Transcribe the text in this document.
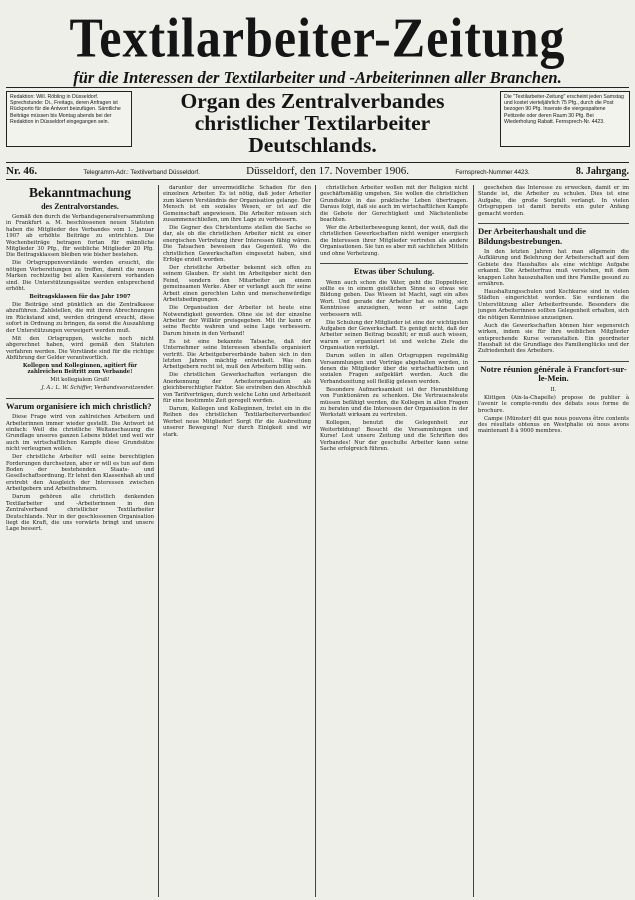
Textilarbeiter-Zeitung
für die Interessen der Textilarbeiter und -Arbeiterinnen aller Branchen.
Redaktion: Will. Röbling in Düsseldorf. Sprechstunde: Di., Freitags, deren Anfragen ist Rückporto für die Antwort beizufügen. Sämtliche Beiträge müssen bis Montag abends bei der Redaktion in Düsseldorf eingegangen sein.
Organ des Zentralverbandes
christlicher Textilarbeiter Deutschlands.
Die "Textilarbeiter-Zeitung" erscheint jeden Samstag und kostet vierteljährlich 75 Pfg., durch die Post bezogen 90 Pfg. Inserate die viergespaltene Petitzeile oder deren Raum 30 Pfg. Bei Wiederholung Rabatt. Fernsprech-Nr. 4423.
Nr. 46.	Telegramm-Adr.: Textilverband Düsseldorf.	Düsseldorf, den 17. November 1906.	Fernsprech-Nummer 4423.	8. Jahrgang.
Bekanntmachung
des Zentralvorstandes.

Gemäß den durch die Verbandsgeneralversammlung in Frankfurt a. M. beschlossenen neuen Statuten haben die Mitglieder des Verbandes vom 1. Januar 1907 ab erhöhte Beiträge zu entrichten. Die Wochenbeiträge betragen fortan für männliche Mitglieder 30 Pfg., für weibliche Mitglieder 20 Pfg. Die Beitragsklassen bleiben wie bisher bestehen.

Die Ortsgruppenvorstände werden ersucht, die nötigen Vorbereitungen zu treffen, damit die neuen Marken rechtzeitig bei allen Kassierern vorhanden sind. Die Unterstützungssätze werden entsprechend erhöht.

Beitragsklassen für das Jahr 1907

Die Beiträge sind pünktlich an die Zentralkasse abzuführen. Zahlstellen, die mit ihren Abrechnungen im Rückstand sind, werden dringend ersucht, diese sofort in Ordnung zu bringen, da sonst die Auszahlung der Unterstützungen verweigert werden muß.

Mit den Ortsgruppen, welche noch nicht abgerechnet haben, wird gemäß den Statuten verfahren werden. Die Vorstände sind für die richtige Abführung der Gelder verantwortlich.

Kollegen und Kolleginnen, agitiert für zahlreichen Beitritt zum Verbande!

Mit kollegialem Gruß!

J. A.: L. W. Schiffer, Verbandsvorsitzender.

Warum organisiere ich mich christlich?

Diese Frage wird von zahlreichen Arbeitern und Arbeiterinnen immer wieder gestellt. Die Antwort ist einfach: Weil die christliche Weltanschauung die Grundlage unseres ganzen Lebens bildet und weil wir auch im wirtschaftlichen Kampfe diese Grundsätze nicht verleugnen wollen.

Der christliche Arbeiter will seine berechtigten Forderungen durchsetzen, aber er will es tun auf dem Boden der bestehenden Staats- und Gesellschaftsordnung. Er lehnt den Klassenhaß ab und erstrebt den Ausgleich der Interessen zwischen Arbeitgebern und Arbeitnehmern.

Darum gehören alle christlich denkenden Textilarbeiter und -Arbeiterinnen in den Zentralverband christlicher Textilarbeiter Deutschlands. Nur in der geschlossenen Organisation liegt die Kraft, die uns vorwärts bringt und unsere Lage bessert.

darunter der unvermeidliche Schaden für den einzelnen Arbeiter. Es ist nötig, daß jeder Arbeiter zum klaren Verständnis der Organisation gelange. Der Mensch ist ein soziales Wesen, er ist auf die Gemeinschaft angewiesen. Die Arbeiter müssen sich zusammenschließen, um ihre Lage zu verbessern.

Die Gegner des Christentums stellen die Sache so dar, als ob die christlichen Arbeiter nicht zu einer energischen Vertretung ihrer Interessen fähig wären. Die Tatsachen beweisen das Gegenteil. Wo die christlichen Gewerkschaften eingesetzt haben, sind Erfolge erzielt worden.

Der christliche Arbeiter bekennt sich offen zu seinem Glauben. Er sieht im Arbeitgeber nicht den Feind, sondern den Mitarbeiter an einem gemeinsamen Werke. Aber er verlangt auch für seine Arbeit einen gerechten Lohn und menschenwürdige Arbeitsbedingungen.

Die Organisation der Arbeiter ist heute eine Notwendigkeit geworden. Ohne sie ist der einzelne Arbeiter der Willkür preisgegeben. Mit ihr kann er seine Rechte wahren und seine Lage verbessern. Darum hinein in den Verband!

Es ist eine bekannte Tatsache, daß der Unternehmer seine Interessen ebenfalls organisiert vertritt. Die Arbeitgeberverbände haben sich in den letzten Jahren mächtig entwickelt. Was den Arbeitgebern recht ist, muß den Arbeitern billig sein.

Die christlichen Gewerkschaften verlangen die Anerkennung der Arbeiterorganisation als gleichberechtigter Faktor. Sie erstreben den Abschluß von Tarifverträgen, durch welche Lohn und Arbeitszeit für eine bestimmte Zeit geregelt werden.

Darum, Kollegen und Kolleginnen, tretet ein in die Reihen des christlichen Textilarbeiterverbandes! Werbet neue Mitglieder! Sorgt für die Ausbreitung unserer Bewegung! Nur durch Einigkeit sind wir stark.

christlichen Arbeiter wollen mit der Religion nicht geschäftsmäßig umgehen. Sie wollen die christlichen Grundsätze in das praktische Leben übertragen. Daraus folgt, daß sie auch im wirtschaftlichen Kampfe die Gebote der Gerechtigkeit und Nächstenliebe beachten.

Wer die Arbeiterbewegung kennt, der weiß, daß die christlichen Gewerkschaften nicht weniger energisch die Interessen ihrer Mitglieder vertreten als andere Organisationen. Sie tun es aber mit sachlichen Mitteln und ohne Verhetzung.

Etwas über Schulung.

Wenn auch schon die Väter, geht die Doppelfeier, sollte es in einem geistlichen Sinne so etwas wie Bildung geben. Das Wissen ist Macht, sagt ein altes Wort. Und gerade der Arbeiter hat es nötig, sich Kenntnisse anzueignen, wenn er seine Lage verbessern will.

Die Schulung der Mitglieder ist eine der wichtigsten Aufgaben der Gewerkschaft. Es genügt nicht, daß der Arbeiter seinen Beitrag bezahlt; er muß auch wissen, warum er organisiert ist und welche Ziele die Organisation verfolgt.

Darum sollen in allen Ortsgruppen regelmäßig Versammlungen und Vorträge abgehalten werden, in denen die Mitglieder über die wirtschaftlichen und sozialen Fragen aufgeklärt werden. Auch die Verbandszeitung soll fleißig gelesen werden.

Besondere Aufmerksamkeit ist der Heranbildung von Funktionären zu schenken. Die Vertrauensleute müssen befähigt werden, die Kollegen in allen Fragen zu beraten und die Interessen der Organisation in der Werkstatt wirksam zu vertreten.

Kollegen, benutzt die Gelegenheit zur Weiterbildung! Besucht die Versammlungen und Kurse! Lest unsere Zeitung und die Schriften des Verbandes! Nur der geschulte Arbeiter kann seine Sache erfolgreich führen.

geschehen das Interesse zu erwecken, damit er im Stande ist, die Arbeiter zu schulen. Dies ist eine Aufgabe, die große Sorgfalt verlangt. In vielen Ortsgruppen ist damit bereits ein guter Anfang gemacht worden.

Der Arbeiterhaushalt und die Bildungsbestrebungen.

In den letzten Jahren hat man allgemein die Aufklärung und Belehrung der Arbeiterschaft auf dem Gebiete des Haushaltes als eine wichtige Aufgabe erkannt. Die Arbeiterfrau muß verstehen, mit dem knappen Lohn hauszuhalten und ihre Familie gesund zu ernähren.

Haushaltungsschulen und Kochkurse sind in vielen Städten eingerichtet worden. Sie verdienen die Unterstützung aller Arbeiterfreunde. Besonders die jungen Arbeiterinnen sollten Gelegenheit erhalten, sich die nötigen Kenntnisse anzueignen.

Auch die Gewerkschaften können hier segensreich wirken, indem sie für ihre weiblichen Mitglieder entsprechende Kurse veranstalten. Ein geordneter Haushalt ist die Grundlage des Familienglücks und der Zufriedenheit des Arbeiters.

Notre réunion générale à Francfort-sur-le-Mein.

II.

Klittgen (Aix-la-Chapelle) propose de publier à l'avenir le compte-rendu des débats sous forme de brochure.

Campe (Münster) dit que nous pouvons être contents des résultats obtenus en Westphalie où nous avons maintenant 8 à 9000 membres.
